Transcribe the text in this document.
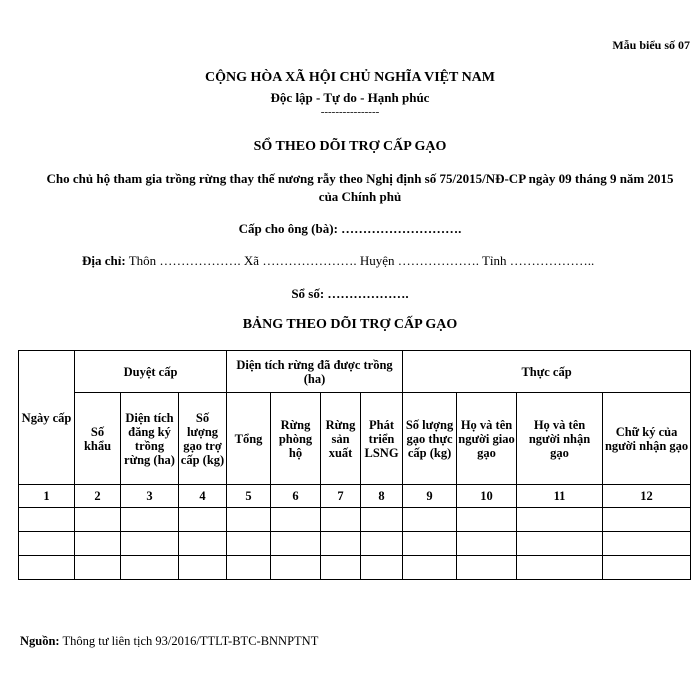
Mẫu biểu số 07
CỘNG HÒA XÃ HỘI CHỦ NGHĨA VIỆT NAM
Độc lập - Tự do - Hạnh phúc
----------------
SỔ THEO DÕI TRỢ CẤP GẠO
Cho chủ hộ tham gia trồng rừng thay thế nương rẫy theo Nghị định số 75/2015/NĐ-CP ngày 09 tháng 9 năm 2015
của Chính phủ
Cấp cho ông (bà): ……………………….
Địa chỉ: Thôn ………………. Xã …………………. Huyện ………………. Tỉnh ………………..
Sổ số: ……………….
BẢNG THEO DÕI TRỢ CẤP GẠO
Ngày cấp	Duyệt cấp			Diện tích rừng đã được trồng (ha)				Thực cấp			
	Số khẩu	Diện tích đăng ký trồng rừng (ha)	Số lượng gạo trợ cấp (kg)	Tổng	Rừng phòng hộ	Rừng sản xuất	Phát triển LSNG	Số lượng gạo thực cấp (kg)	Họ và tên người giao gạo	Họ và tên người nhận gạo	Chữ ký của người nhận gạo
1	2	3	4	5	6	7	8	9	10	11	12

Nguồn: Thông tư liên tịch 93/2016/TTLT-BTC-BNNPTNT
